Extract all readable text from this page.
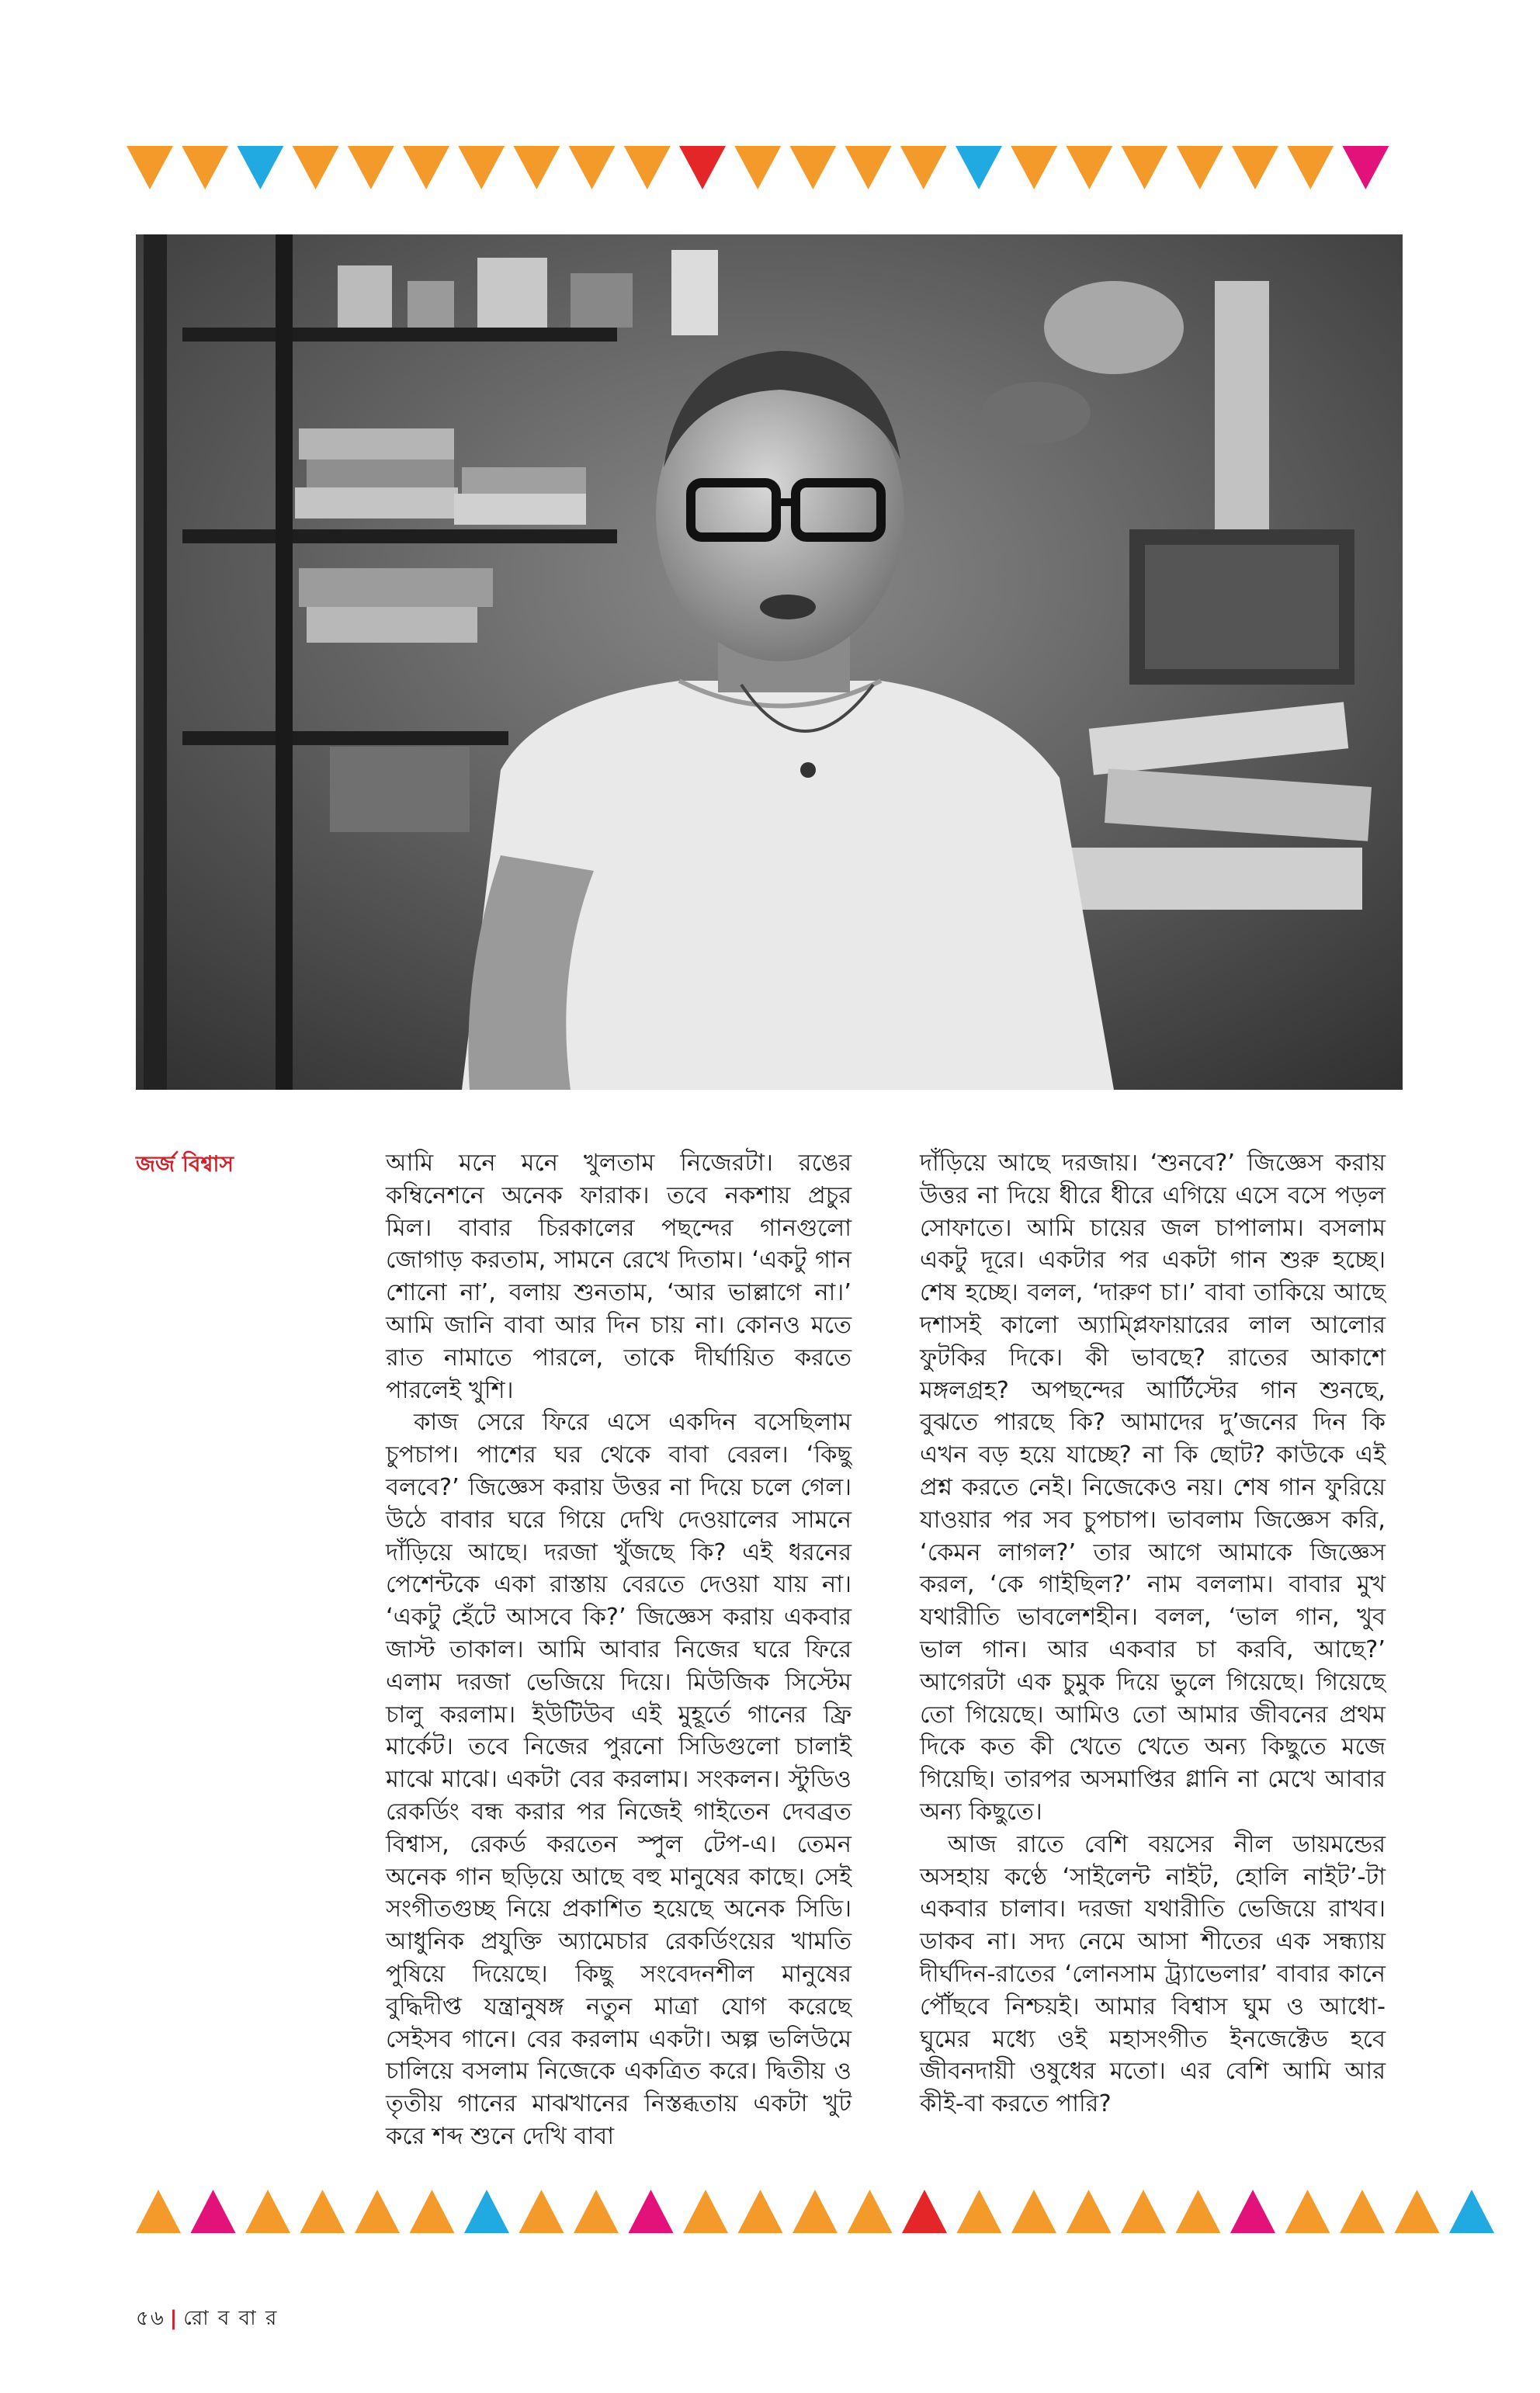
জর্জ বিশ্বাস	আমি মনে মনে খুলতাম নিজেরটা। রঙের কম্বিনেশনে অনেক ফারাক। তবে নকশায় প্রচুর মিল। বাবার চিরকালের পছন্দের গানগুলো জোগাড় করতাম, সামনে রেখে দিতাম। ‘একটু গান শোনো না’, বলায় শুনতাম, ‘আর ভাল্লাগে না।’ আমি জানি বাবা আর দিন চায় না। কোনও মতে রাত নামাতে পারলে, তাকে দীর্ঘায়িত করতে পারলেই খুশি।

কাজ সেরে ফিরে এসে একদিন বসেছিলাম চুপচাপ। পাশের ঘর থেকে বাবা বেরল। ‘কিছু বলবে?’ জিজ্ঞেস করায় উত্তর না দিয়ে চলে গেল। উঠে বাবার ঘরে গিয়ে দেখি দেওয়ালের সামনে দাঁড়িয়ে আছে। দরজা খুঁজছে কি? এই ধরনের পেশেন্টকে একা রাস্তায় বেরতে দেওয়া যায় না। ‘একটু হেঁটে আসবে কি?’ জিজ্ঞেস করায় একবার জাস্ট তাকাল। আমি আবার নিজের ঘরে ফিরে এলাম দরজা ভেজিয়ে দিয়ে। মিউজিক সিস্টেম চালু করলাম। ইউটিউব এই মুহূর্তে গানের ফ্রি মার্কেট। তবে নিজের পুরনো সিডিগুলো চালাই মাঝে মাঝে। একটা বের করলাম। সংকলন। স্টুডিও রেকর্ডিং বন্ধ করার পর নিজেই গাইতেন দেবব্রত বিশ্বাস, রেকর্ড করতেন স্পুল টেপ-এ। তেমন অনেক গান ছড়িয়ে আছে বহু মানুষের কাছে। সেই সংগীতগুচ্ছ নিয়ে প্রকাশিত হয়েছে অনেক সিডি। আধুনিক প্রযুক্তি অ্যামেচার রেকর্ডিংয়ের খামতি পুষিয়ে দিয়েছে। কিছু সংবেদনশীল মানুষের বুদ্ধিদীপ্ত যন্ত্রানুষঙ্গ নতুন মাত্রা যোগ করেছে সেইসব গানে। বের করলাম একটা। অল্প ভলিউমে চালিয়ে বসলাম নিজেকে একত্রিত করে। দ্বিতীয় ও তৃতীয় গানের মাঝখানের নিস্তব্ধতায় একটা খুট করে শব্দ শুনে দেখি বাবা

দাঁড়িয়ে আছে দরজায়। ‘শুনবে?’ জিজ্ঞেস করায় উত্তর না দিয়ে ধীরে ধীরে এগিয়ে এসে বসে পড়ল সোফাতে। আমি চায়ের জল চাপালাম। বসলাম একটু দূরে। একটার পর একটা গান শুরু হচ্ছে। শেষ হচ্ছে। বলল, ‘দারুণ চা।’ বাবা তাকিয়ে আছে দশাসই কালো অ্যাম্প্লিফায়ারের লাল আলোর ফুটকির দিকে। কী ভাবছে? রাতের আকাশে মঙ্গলগ্রহ? অপছন্দের আর্টিস্টের গান শুনছে, বুঝতে পারছে কি? আমাদের দু’জনের দিন কি এখন বড় হয়ে যাচ্ছে? না কি ছোট? কাউকে এই প্রশ্ন করতে নেই। নিজেকেও নয়। শেষ গান ফুরিয়ে যাওয়ার পর সব চুপচাপ। ভাবলাম জিজ্ঞেস করি, ‘কেমন লাগল?’ তার আগে আমাকে জিজ্ঞেস করল, ‘কে গাইছিল?’ নাম বললাম। বাবার মুখ যথারীতি ভাবলেশহীন। বলল, ‘ভাল গান, খুব ভাল গান। আর একবার চা করবি, আছে?’ আগেরটা এক চুমুক দিয়ে ভুলে গিয়েছে। গিয়েছে তো গিয়েছে। আমিও তো আমার জীবনের প্রথম দিকে কত কী খেতে খেতে অন্য কিছুতে মজে গিয়েছি। তারপর অসমাপ্তির গ্লানি না মেখে আবার অন্য কিছুতে।

আজ রাতে বেশি বয়সের নীল ডায়মন্ডের অসহায় কণ্ঠে ‘সাইলেন্ট নাইট, হোলি নাইট’-টা একবার চালাব। দরজা যথারীতি ভেজিয়ে রাখব। ডাকব না। সদ্য নেমে আসা শীতের এক সন্ধ্যায় দীর্ঘদিন-রাতের ‘লোনসাম ট্র্যাভেলার’ বাবার কানে পৌঁছবে নিশ্চয়ই। আমার বিশ্বাস ঘুম ও আধো-ঘুমের মধ্যে ওই মহাসংগীত ইনজেক্টেড হবে জীবনদায়ী ওষুধের মতো। এর বেশি আমি আর কীই-বা করতে পারি?

৫৬ | রো ব বা র
